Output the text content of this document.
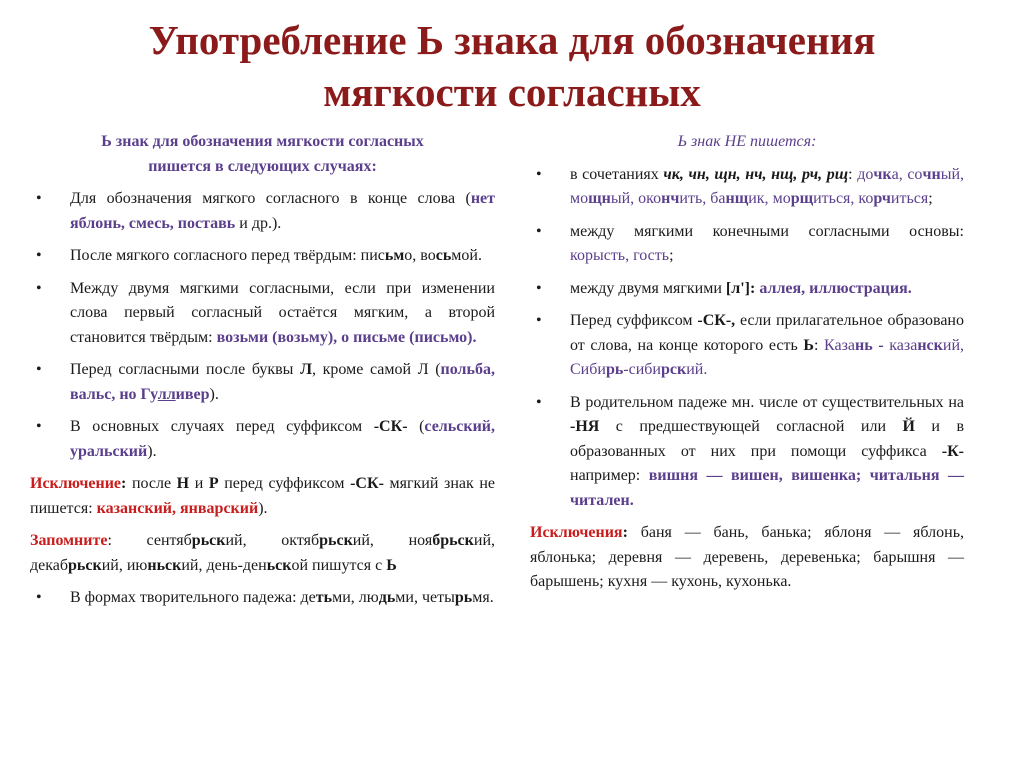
Употребление Ь знака для обозначения
мягкости согласных
Ь знак для обозначения мягкости согласных
пишется в следующих случаях:
• Для обозначения мягкого согласного в конце слова (нет яблонь, смесь, поставь и др.).
• После мягкого согласного перед твёрдым: письмо, восьмой.
• Между двумя мягкими согласными, если при изменении слова первый согласный остаётся мягким, а второй становится твёрдым: возьми (возьму), о письме (письмо).
• Перед согласными после буквы Л, кроме самой Л (польба, вальс, но Гулливер).
• В основных случаях перед суффиксом -СК- (сельский, уральский).
Исключение: после Н и Р перед суффиксом -СК- мягкий знак не пишется: казанский, январский).
Запомните: сентябрьский, октябрьский, ноябрьский, декабрьский, июньский, день-деньской пишутся с Ь
• В формах творительного падежа: детьми, людьми, четырьмя.
Ь знак НЕ пишется:
• в сочетаниях чк, чн, щн, нч, нщ, рч, рщ: дочка, сочный, мощный, окончить, банщик, морщиться, корчиться;
• между мягкими конечными согласными основы: корысть, гость;
• между двумя мягкими [л']: аллея, иллюстрация.
• Перед суффиксом -СК-, если прилагательное образовано от слова, на конце которого есть Ь: Казань - казанский, Сибирь-сибирский.
• В родительном падеже мн. числе от существительных на -НЯ с предшествующей согласной или Й и в образованных от них при помощи суффикса -К- например: вишня — вишен, вишенка; читальня — читален.
Исключения: баня — бань, банька; яблоня — яблонь, яблонька; деревня — деревень, деревенька; барышня — барышень; кухня — кухонь, кухонька.
